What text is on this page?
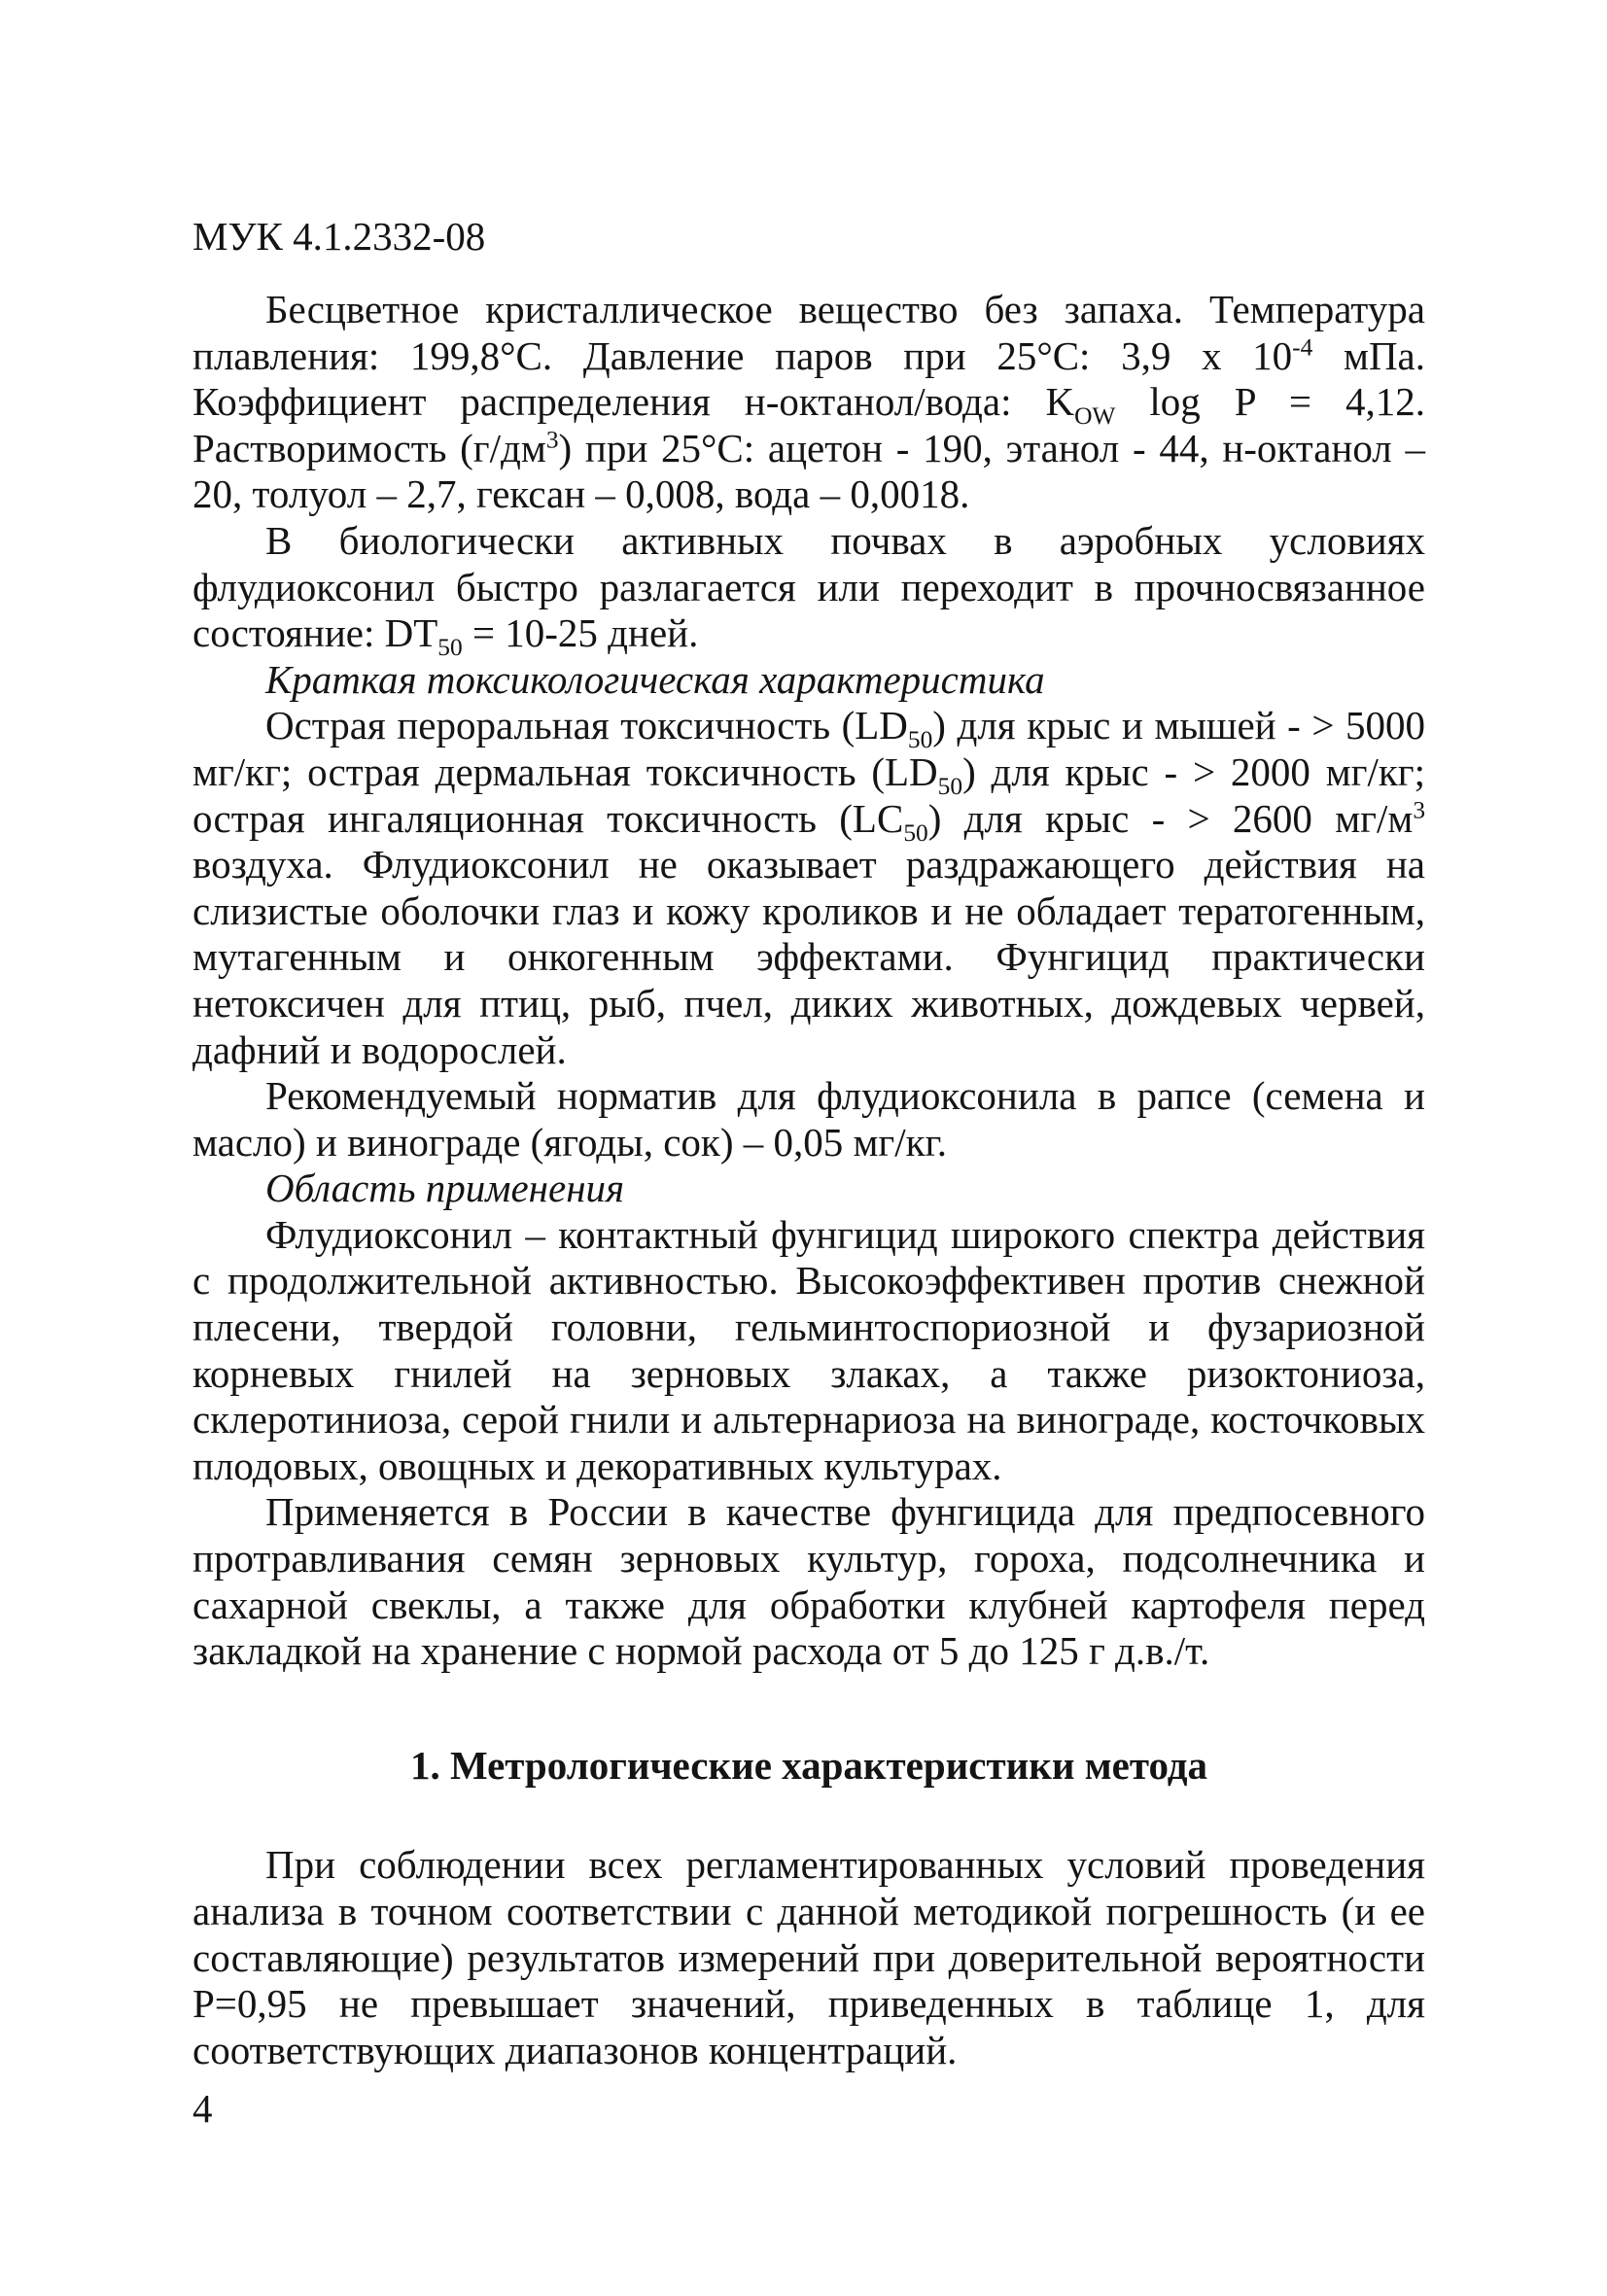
МУК 4.1.2332-08

Бесцветное кристаллическое вещество без запаха. Температура плавления: 199,8°С. Давление паров при 25°С: 3,9 х $10^{-4}$ мПа. Коэффициент распределения н-октанол/вода: $K_{OW}$ log P = 4,12. Растворимость $(г/дм^3)$ при 25°С: ацетон - 190, этанол - 44, н-октанол – 20, толуол – 2,7, гексан – 0,008, вода – 0,0018.

В биологически активных почвах в аэробных условиях флудиоксонил быстро разлагается или переходит в прочносвязанное состояние: $DT_{50} = 10-25$ дней.

Краткая токсикологическая характеристика

Острая пероральная токсичность $(LD_{50})$ для крыс и мышей - > 5000 мг/кг; острая дермальная токсичность $(LD_{50})$ для крыс - > 2000 мг/кг; острая ингаляционная токсичность $(LC_{50})$ для крыс - > 2600 $мг/м^3$ воздуха. Флудиоксонил не оказывает раздражающего действия на слизистые оболочки глаз и кожу кроликов и не обладает тератогенным, мутагенным и онкогенным эффектами. Фунгицид практически нетоксичен для птиц, рыб, пчел, диких животных, дождевых червей, дафний и водорослей.

Рекомендуемый норматив для флудиоксонила в рапсе (семена и масло) и винограде (ягоды, сок) – 0,05 мг/кг.

Область применения

Флудиоксонил – контактный фунгицид широкого спектра действия с продолжительной активностью. Высокоэффективен против снежной плесени, твердой головни, гельминтоспориозной и фузариозной корневых гнилей на зерновых злаках, а также ризоктониоза, склеротиниоза, серой гнили и альтернариоза на винограде, косточковых плодовых, овощных и декоративных культурах.

Применяется в России в качестве фунгицида для предпосевного протравливания семян зерновых культур, гороха, подсолнечника и сахарной свеклы, а также для обработки клубней картофеля перед закладкой на хранение с нормой расхода от 5 до 125 г д.в./т.

1. Метрологические характеристики метода

При соблюдении всех регламентированных условий проведения анализа в точном соответствии с данной методикой погрешность (и ее составляющие) результатов измерений при доверительной вероятности Р=0,95 не превышает значений, приведенных в таблице 1, для соответствующих диапазонов концентраций.

4
